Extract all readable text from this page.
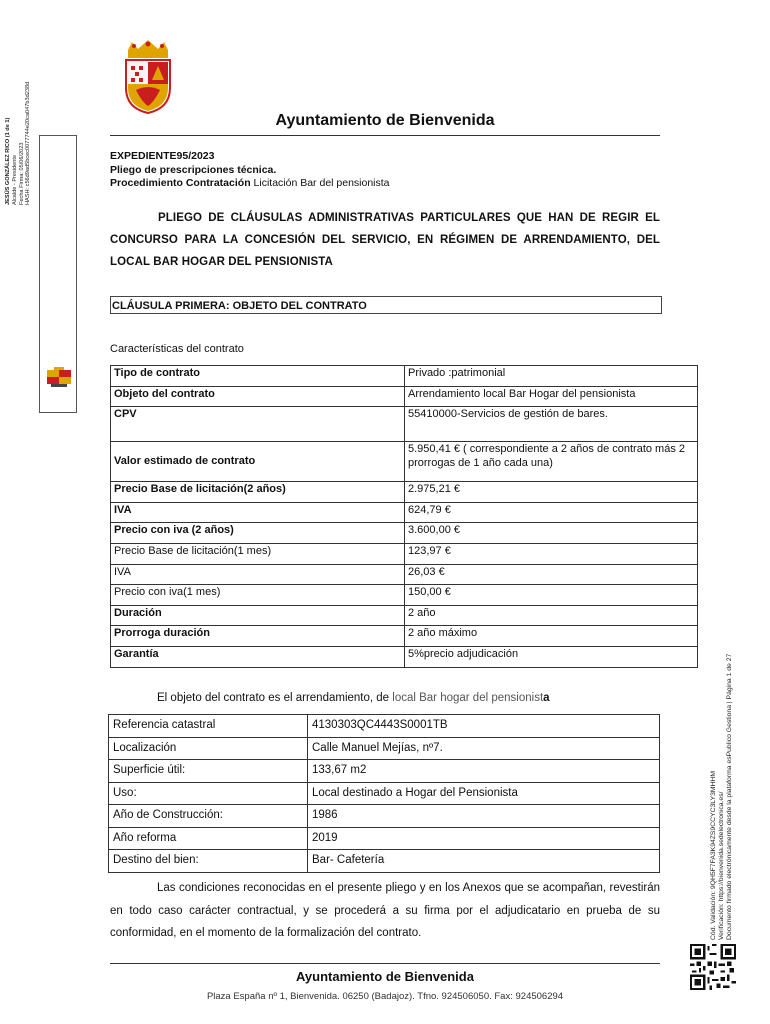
Ayuntamiento de Bienvenida
EXPEDIENTE95/2023
Pliego de prescripciones técnica.
Procedimiento Contratación Licitación Bar del pensionista
PLIEGO DE CLÁUSULAS ADMINISTRATIVAS PARTICULARES QUE HAN DE REGIR EL CONCURSO PARA LA CONCESIÓN DEL SERVICIO, EN RÉGIMEN DE ARRENDAMIENTO, DEL LOCAL BAR HOGAR DEL PENSIONISTA
CLÁUSULA PRIMERA: OBJETO DEL CONTRATO
Características del contrato
Tipo de contrato	Privado :patrimonial
Objeto del contrato	Arrendamiento local Bar Hogar del pensionista
CPV	55410000-Servicios de gestión de bares.
Valor estimado de contrato	5.950,41 € ( correspondiente a 2 años de contrato más 2 prorrogas de 1 año cada una)
Precio Base de licitación(2 años)	2.975,21 €
IVA	624,79 €
Precio con iva (2 años)	3.600,00 €
Precio Base de licitación(1 mes)	123,97 €
IVA	26,03 €
Precio con iva(1 mes)	150,00 €
Duración	2 año
Prorroga duración	2 año máximo
Garantía	5%precio adjudicación
El objeto del contrato es el arrendamiento, de local Bar hogar del pensionista
Referencia catastral	4130303QC4443S0001TB
Localización	Calle Manuel Mejías, nº7.
Superficie útil:	133,67 m2
Uso:	Local destinado a Hogar del Pensionista
Año de Construcción:	1986
Año reforma	2019
Destino del bien:	Bar- Cafetería
Las condiciones reconocidas en el presente pliego y en los Anexos que se acompañan, revestirán en todo caso carácter contractual, y se procederá a su firma por el adjudicatario en prueba de su conformidad, en el momento de la formalización del contrato.
Ayuntamiento de Bienvenida
Plaza España nº 1, Bienvenida. 06250 (Badajoz). Tfno. 924506050. Fax: 924506294
JESÚS GONZÁLEZ RICO (1 de 1) Alcalde - Presidente Fecha Firma: 05/06/2023 HASH: c56d9ad5bcec0077744e20ca047b3d238d
Cód. Validación: 9QH5F7FA3K94ZS9CCYC3LY3MHHM Verificación: https://bienvenida.sedelectronica.es/ Documento firmado electrónicamente desde la plataforma esPublico Gestiona | Página 1 de 27
